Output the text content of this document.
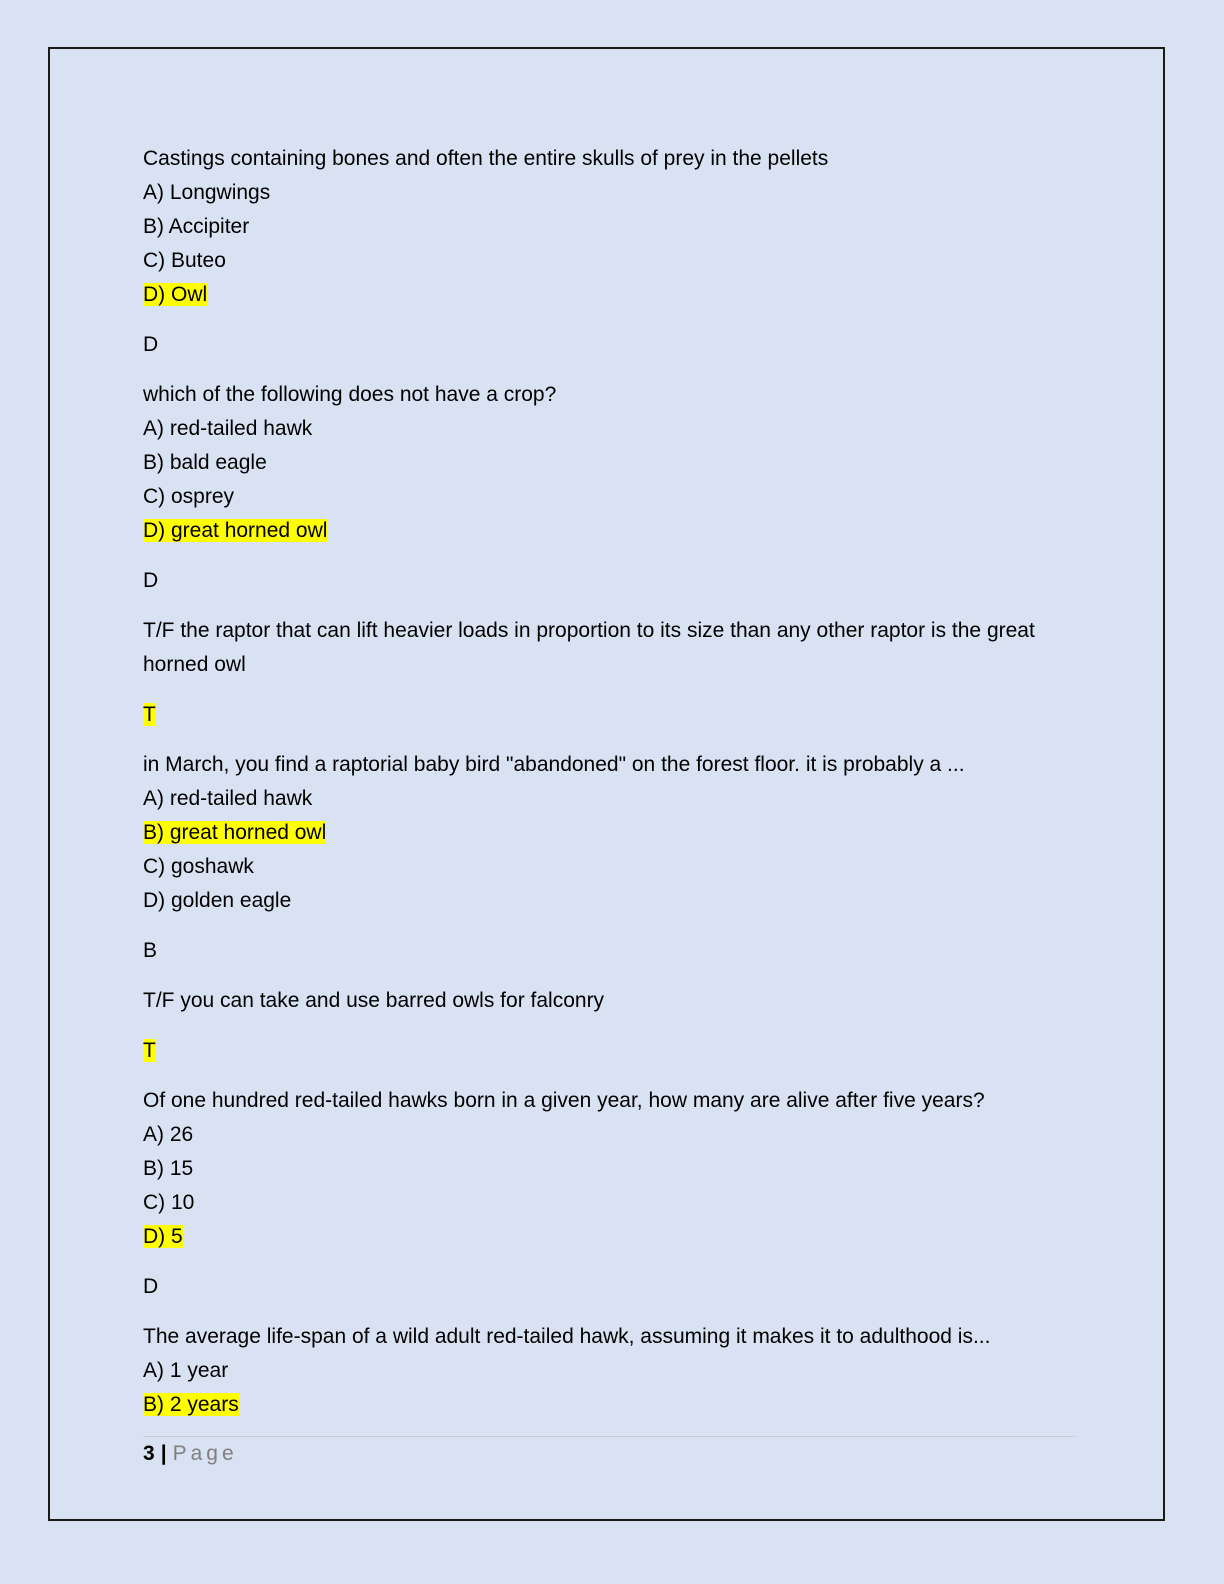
Castings containing bones and often the entire skulls of prey in the pellets
A) Longwings
B) Accipiter
C) Buteo
D) Owl
D
which of the following does not have a crop?
A) red-tailed hawk
B) bald eagle
C) osprey
D) great horned owl
D
T/F the raptor that can lift heavier loads in proportion to its size than any other raptor is the great horned owl
T
in March, you find a raptorial baby bird "abandoned" on the forest floor. it is probably a ...
A) red-tailed hawk
B) great horned owl
C) goshawk
D) golden eagle
B
T/F you can take and use barred owls for falconry
T
Of one hundred red-tailed hawks born in a given year, how many are alive after five years?
A) 26
B) 15
C) 10
D) 5
D
The average life-span of a wild adult red-tailed hawk, assuming it makes it to adulthood is...
A) 1 year
B) 2 years
3 | Page
